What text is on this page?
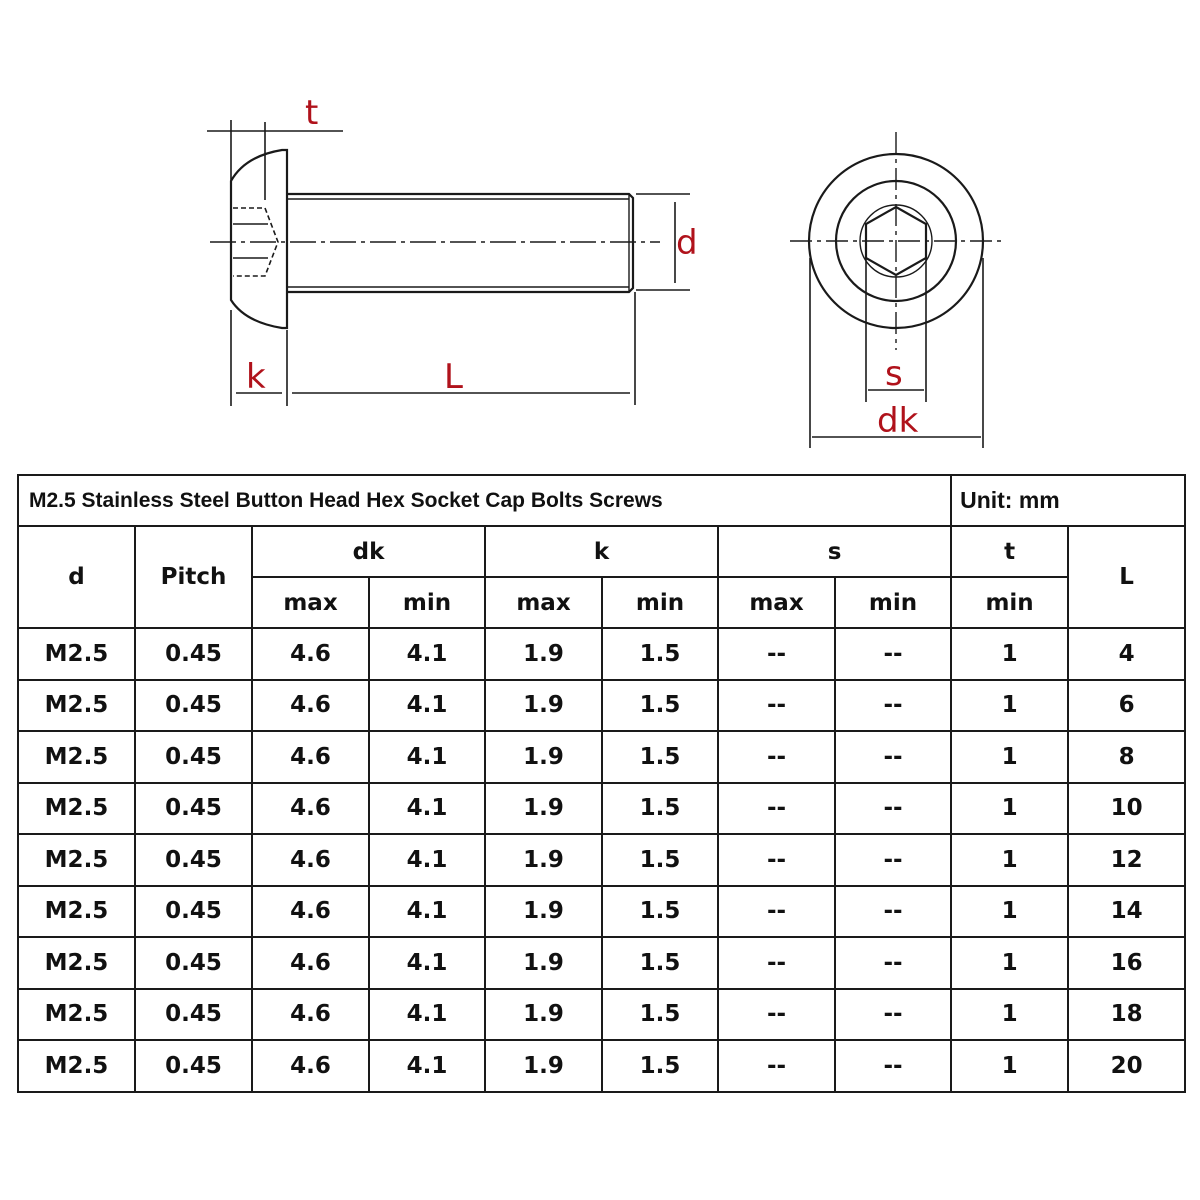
t
d
k	L	s
dk
M2.5 Stainless Steel Button Head Hex Socket Cap Bolts Screws								Unit: mm	
d	Pitch	dk		k		s		t	L
		max	min	max	min	max	min	min	
M2.5	0.45	4.6	4.1	1.9	1.5	--	--	1	4
M2.5	0.45	4.6	4.1	1.9	1.5	--	--	1	6
M2.5	0.45	4.6	4.1	1.9	1.5	--	--	1	8
M2.5	0.45	4.6	4.1	1.9	1.5	--	--	1	10
M2.5	0.45	4.6	4.1	1.9	1.5	--	--	1	12
M2.5	0.45	4.6	4.1	1.9	1.5	--	--	1	14
M2.5	0.45	4.6	4.1	1.9	1.5	--	--	1	16
M2.5	0.45	4.6	4.1	1.9	1.5	--	--	1	18
M2.5	0.45	4.6	4.1	1.9	1.5	--	--	1	20
